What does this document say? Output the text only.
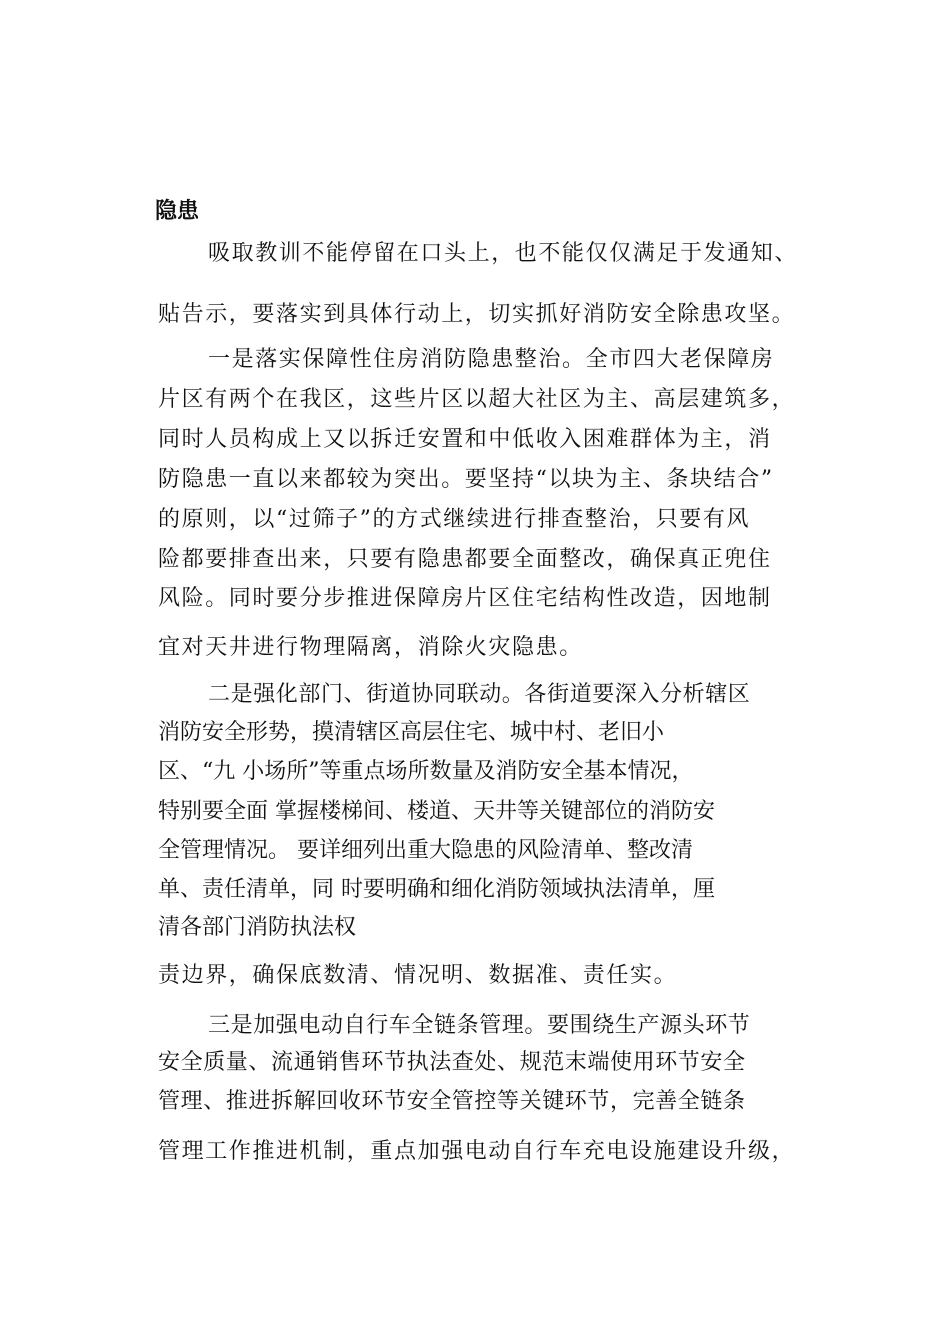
隐患

吸取教训不能停留在口头上，也不能仅仅满足于发通知、

贴告示，要落实到具体行动上，切实抓好消防安全除患攻坚。

一是落实保障性住房消防隐患整治。全市四大老保障房

片区有两个在我区，这些片区以超大社区为主、高层建筑多，

同时人员构成上又以拆迁安置和中低收入困难群体为主，消

防隐患一直以来都较为突出。要坚持“以块为主、条块结合”

的原则，以“过筛子”的方式继续进行排查整治，只要有风

险都要排查出来，只要有隐患都要全面整改，确保真正兜住

风险。同时要分步推进保障房片区住宅结构性改造，因地制

宜对天井进行物理隔离，消除火灾隐患。

二是强化部门、街道协同联动。各街道要深入分析辖区

消防安全形势，摸清辖区高层住宅、城中村、老旧小

区、“九 小场所”等重点场所数量及消防安全基本情况，

特别要全面 掌握楼梯间、楼道、天井等关键部位的消防安

全管理情况。 要详细列出重大隐患的风险清单、整改清

单、责任清单，同 时要明确和细化消防领域执法清单，厘

清各部门消防执法权

责边界，确保底数清、情况明、数据准、责任实。

三是加强电动自行车全链条管理。要围绕生产源头环节

安全质量、流通销售环节执法查处、规范末端使用环节安全

管理、推进拆解回收环节安全管控等关键环节，完善全链条

管理工作推进机制，重点加强电动自行车充电设施建设升级，
